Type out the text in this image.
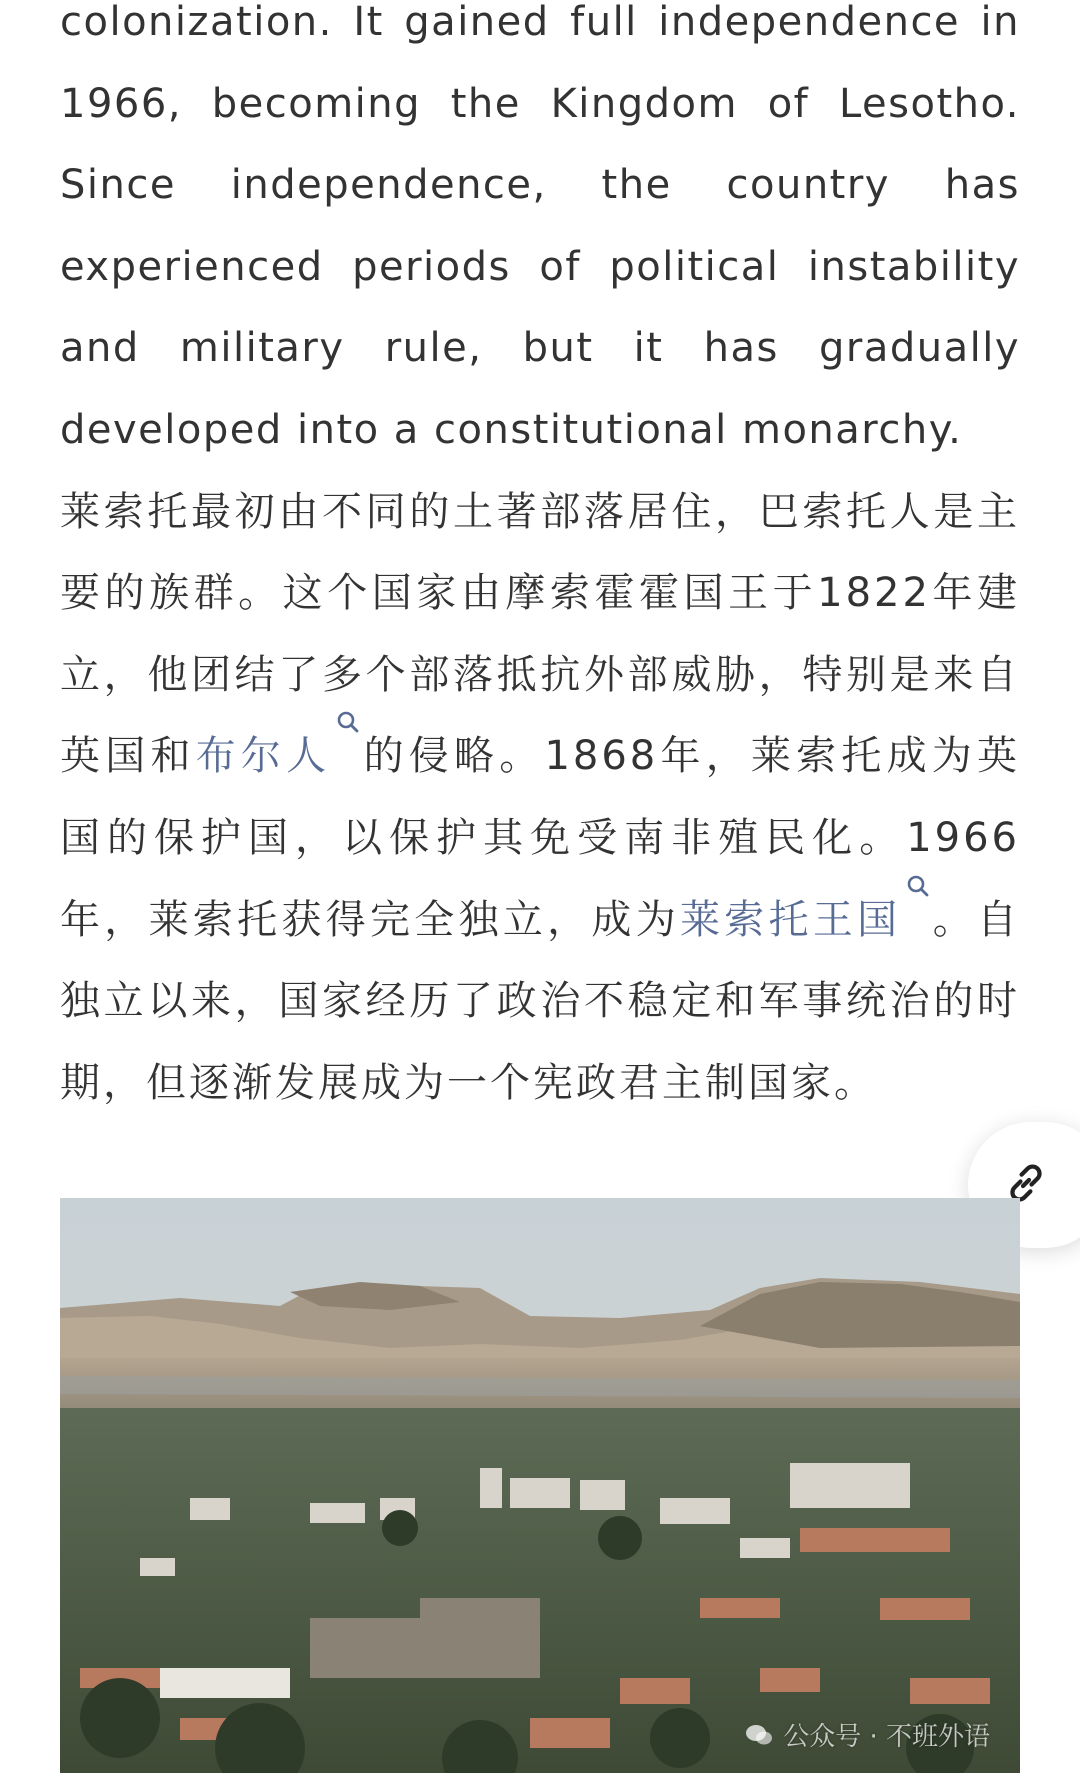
colonization. It gained full independence in 1966, becoming the Kingdom of Lesotho. Since independence, the country has experienced periods of political instability and military rule, but it has gradually developed into a constitutional monarchy.

莱索托最初由不同的土著部落居住，巴索托人是主要的族群。这个国家由摩索霍霍国王于1822年建立，他团结了多个部落抵抗外部威胁，特别是来自英国和布尔人 的侵略。1868年，莱索托成为英国的保护国，以保护其免受南非殖民化。1966年，莱索托获得完全独立，成为莱索托王国 。自独立以来，国家经历了政治不稳定和军事统治的时期，但逐渐发展成为一个宪政君主制国家。

公众号 · 不班外语
